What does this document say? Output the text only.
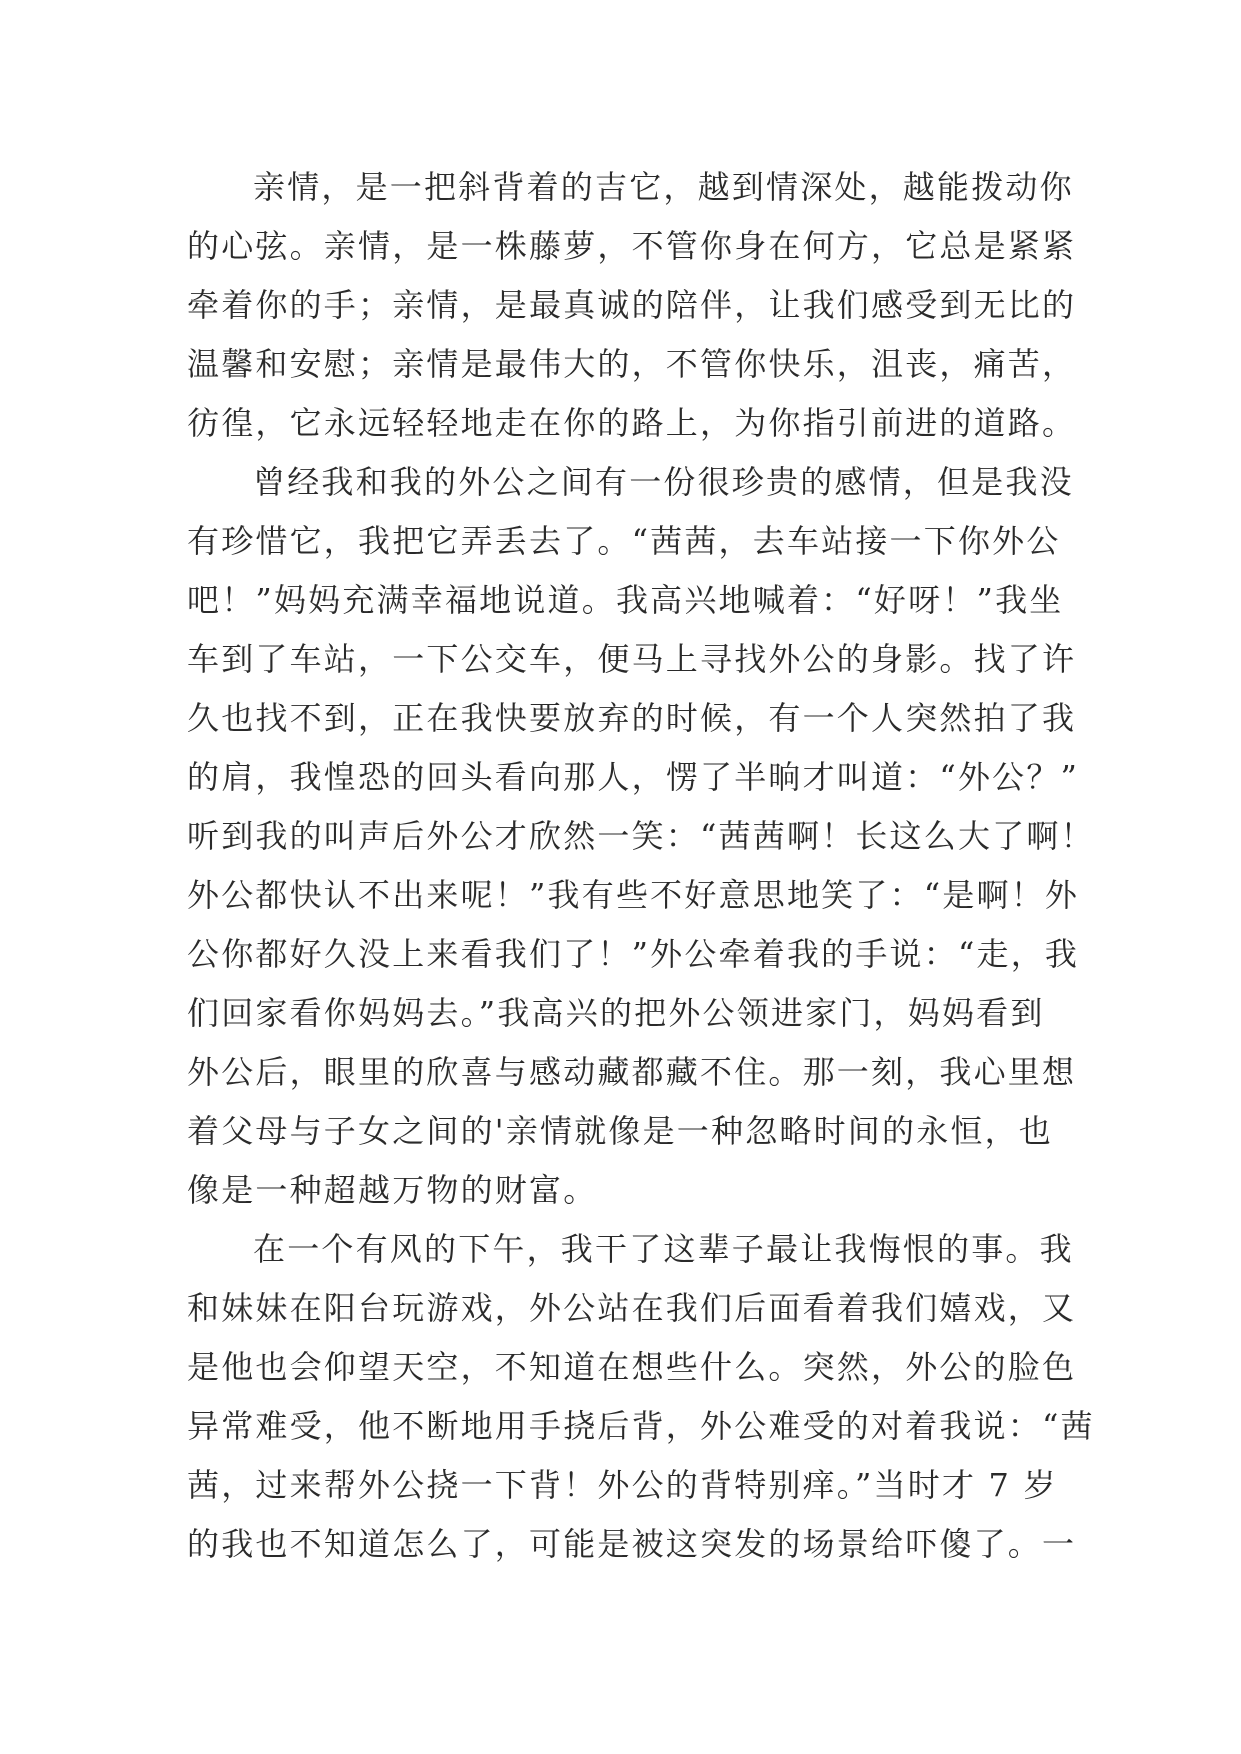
亲情，是一把斜背着的吉它，越到情深处，越能拨动你
的心弦。亲情，是一株藤萝，不管你身在何方，它总是紧紧
牵着你的手；亲情，是最真诚的陪伴，让我们感受到无比的
温馨和安慰；亲情是最伟大的，不管你快乐，沮丧，痛苦，
彷徨，它永远轻轻地走在你的路上，为你指引前进的道路。
曾经我和我的外公之间有一份很珍贵的感情，但是我没
有珍惜它，我把它弄丢去了。“茜茜，去车站接一下你外公
吧！”妈妈充满幸福地说道。我高兴地喊着：“好呀！”我坐
车到了车站，一下公交车，便马上寻找外公的身影。找了许
久也找不到，正在我快要放弃的时候，有一个人突然拍了我
的肩，我惶恐的回头看向那人，愣了半晌才叫道：“外公？”
听到我的叫声后外公才欣然一笑：“茜茜啊！长这么大了啊！
外公都快认不出来呢！”我有些不好意思地笑了：“是啊！外
公你都好久没上来看我们了！”外公牵着我的手说：“走，我
们回家看你妈妈去。”我高兴的把外公领进家门，妈妈看到
外公后，眼里的欣喜与感动藏都藏不住。那一刻，我心里想
着父母与子女之间的'亲情就像是一种忽略时间的永恒，也
像是一种超越万物的财富。
在一个有风的下午，我干了这辈子最让我悔恨的事。我
和妹妹在阳台玩游戏，外公站在我们后面看着我们嬉戏，又
是他也会仰望天空，不知道在想些什么。突然，外公的脸色
异常难受，他不断地用手挠后背，外公难受的对着我说：“茜
茜，过来帮外公挠一下背！外公的背特别痒。”当时才 7 岁
的我也不知道怎么了，可能是被这突发的场景给吓傻了。一
